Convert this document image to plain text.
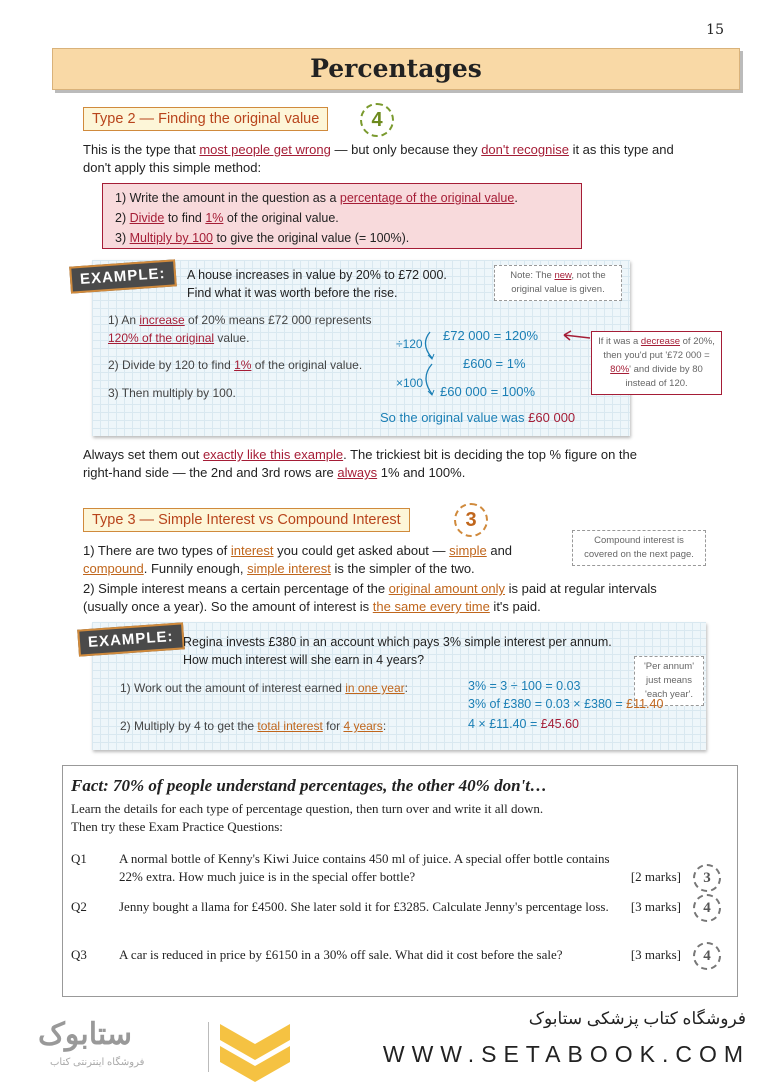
15
Percentages
Type 2 — Finding the original value	4
This is the type that most people get wrong — but only because they don't recognise it as this type and don't apply this simple method:
1) Write the amount in the question as a percentage of the original value.
2) Divide to find 1% of the original value.
3) Multiply by 100 to give the original value (= 100%).
EXAMPLE:	A house increases in value by 20% to £72 000.
Find what it was worth before the rise.
Note: The new, not the original value is given.
1) An increase of 20% means £72 000 represents 120% of the original value.
2) Divide by 120 to find 1% of the original value.
3) Then multiply by 100.
£72 000 = 120%
£600 = 1%
£60 000 = 100%
÷120
×100
So the original value was £60 000
If it was a decrease of 20%, then you'd put '£72 000 = 80%' and divide by 80 instead of 120.
Always set them out exactly like this example. The trickiest bit is deciding the top % figure on the right-hand side — the 2nd and 3rd rows are always 1% and 100%.
Type 3 — Simple Interest vs Compound Interest	3
Compound interest is covered on the next page.
1) There are two types of interest you could get asked about — simple and compound. Funnily enough, simple interest is the simpler of the two.
2) Simple interest means a certain percentage of the original amount only is paid at regular intervals (usually once a year). So the amount of interest is the same every time it's paid.
EXAMPLE: Regina invests £380 in an account which pays 3% simple interest per annum.
How much interest will she earn in 4 years?	'Per annum' just means 'each year'.
1) Work out the amount of interest earned in one year:
2) Multiply by 4 to get the total interest for 4 years:
3% = 3 ÷ 100 = 0.03
3% of £380 = 0.03 × £380 = £11.40
4 × £11.40 = £45.60
Fact: 70% of people understand percentages, the other 40% don't…
Learn the details for each type of percentage question, then turn over and write it all down.
Then try these Exam Practice Questions:
Q1 A normal bottle of Kenny's Kiwi Juice contains 450 ml of juice. A special offer bottle contains 22% extra. How much juice is in the special offer bottle?	[2 marks]	3
Q2 Jenny bought a llama for £4500. She later sold it for £3285. Calculate Jenny's percentage loss.	[3 marks]	4
Q3 A car is reduced in price by £6150 in a 30% off sale. What did it cost before the sale?	[3 marks]	4
ستابوک
فروشگاه اینترنتی کتاب
فروشگاه کتاب پزشکی ستابوک
WWW.SETABOOK.COM
